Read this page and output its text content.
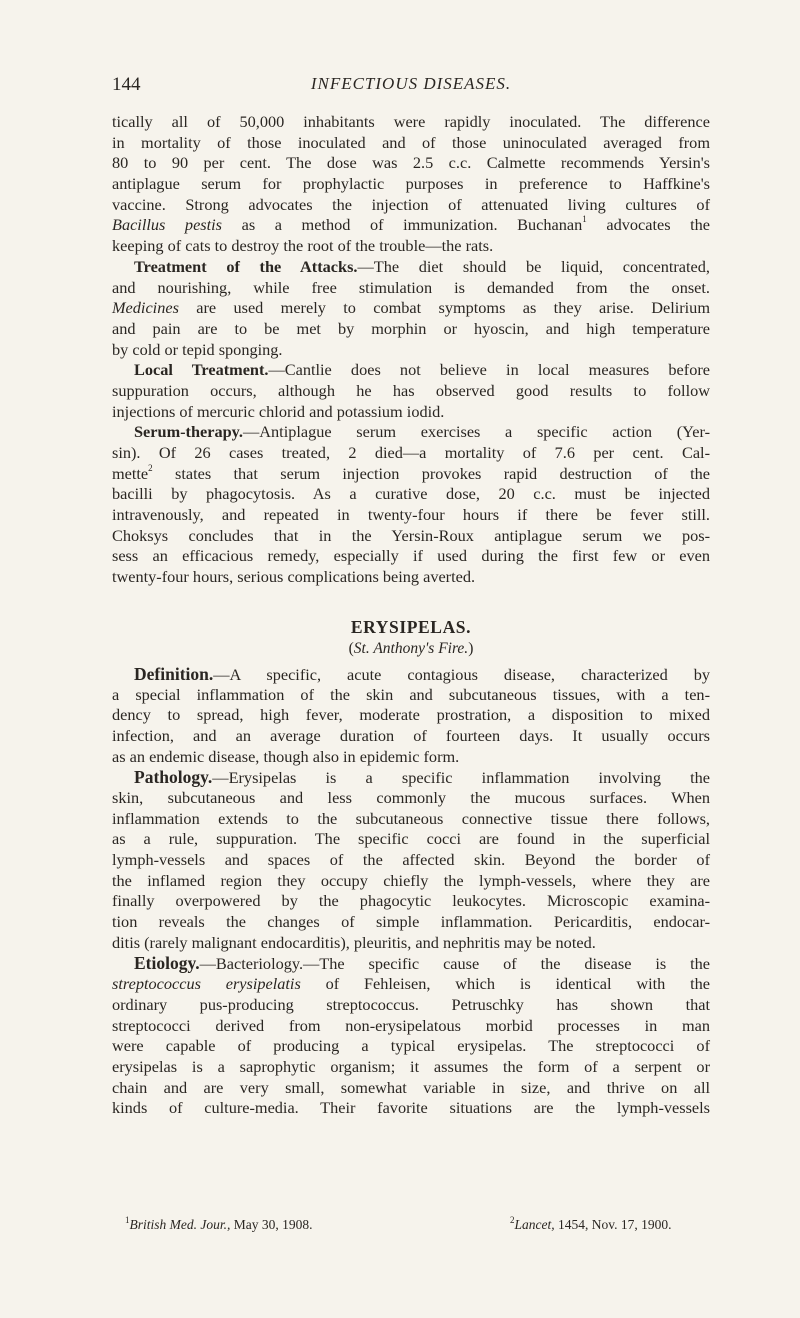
144	INFECTIOUS DISEASES.
tically all of 50,000 inhabitants were rapidly inoculated. The difference
in mortality of those inoculated and of those uninoculated averaged from
80 to 90 per cent. The dose was 2.5 c.c. Calmette recommends Yersin's
antiplague serum for prophylactic purposes in preference to Haffkine's
vaccine. Strong advocates the injection of attenuated living cultures of
Bacillus pestis as a method of immunization. Buchanan$^1$ advocates the
keeping of cats to destroy the root of the trouble—the rats.
Treatment of the Attacks.—The diet should be liquid, concentrated,
and nourishing, while free stimulation is demanded from the onset.
Medicines are used merely to combat symptoms as they arise. Delirium
and pain are to be met by morphin or hyoscin, and high temperature
by cold or tepid sponging.
Local Treatment.—Cantlie does not believe in local measures before
suppuration occurs, although he has observed good results to follow
injections of mercuric chlorid and potassium iodid.
Serum-therapy.—Antiplague serum exercises a specific action (Yer-
sin). Of 26 cases treated, 2 died—a mortality of 7.6 per cent. Cal-
mette$^2$ states that serum injection provokes rapid destruction of the
bacilli by phagocytosis. As a curative dose, 20 c.c. must be injected
intravenously, and repeated in twenty-four hours if there be fever still.
Choksys concludes that in the Yersin-Roux antiplague serum we pos-
sess an efficacious remedy, especially if used during the first few or even
twenty-four hours, serious complications being averted.
ERYSIPELAS.
(St. Anthony's Fire.)
Definition.—A specific, acute contagious disease, characterized by
a special inflammation of the skin and subcutaneous tissues, with a ten-
dency to spread, high fever, moderate prostration, a disposition to mixed
infection, and an average duration of fourteen days. It usually occurs
as an endemic disease, though also in epidemic form.
Pathology.—Erysipelas is a specific inflammation involving the
skin, subcutaneous and less commonly the mucous surfaces. When
inflammation extends to the subcutaneous connective tissue there follows,
as a rule, suppuration. The specific cocci are found in the superficial
lymph-vessels and spaces of the affected skin. Beyond the border of
the inflamed region they occupy chiefly the lymph-vessels, where they are
finally overpowered by the phagocytic leukocytes. Microscopic examina-
tion reveals the changes of simple inflammation. Pericarditis, endocar-
ditis (rarely malignant endocarditis), pleuritis, and nephritis may be noted.
Etiology.—Bacteriology.—The specific cause of the disease is the
streptococcus erysipelatis of Fehleisen, which is identical with the
ordinary pus-producing streptococcus. Petruschky has shown that
streptococci derived from non-erysipelatous morbid processes in man
were capable of producing a typical erysipelas. The streptococci of
erysipelas is a saprophytic organism; it assumes the form of a serpent or
chain and are very small, somewhat variable in size, and thrive on all
kinds of culture-media. Their favorite situations are the lymph-vessels
$^1$British Med. Jour., May 30, 1908.	$^2$Lancet, 1454, Nov. 17, 1900.
